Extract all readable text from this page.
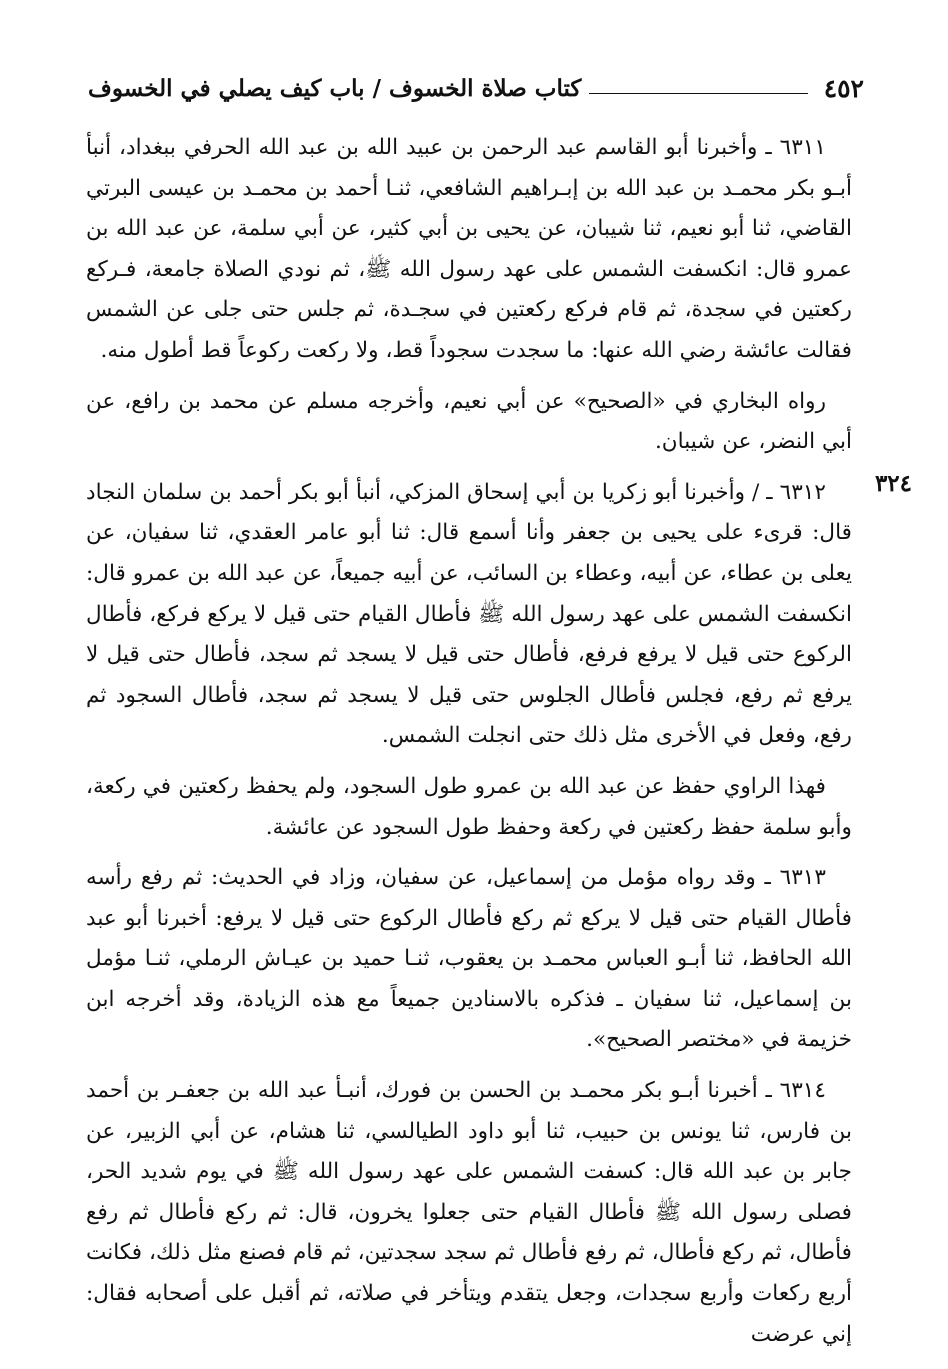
٤٥٢
كتاب صلاة الخسوف / باب كيف يصلي في الخسوف
٣٢٤

٦٣١١ ـ وأخبرنا أبو القاسم عبد الرحمن بن عبيد الله بن عبد الله الحرفي ببغداد، أنبأ أبـو بكر محمـد بن عبد الله بن إبـراهيم الشافعي، ثنـا أحمد بن محمـد بن عيسى البرتي القاضي، ثنا أبو نعيم، ثنا شيبان، عن يحيى بن أبي كثير، عن أبي سلمة، عن عبد الله بن عمرو قال: انكسفت الشمس على عهد رسول الله ﷺ، ثم نودي الصلاة جامعة، فـركع ركعتين في سجدة، ثم قام فركع ركعتين في سجـدة، ثم جلس حتى جلى عن الشمس فقالت عائشة رضي الله عنها: ما سجدت سجوداً قط، ولا ركعت ركوعاً قط أطول منه.

رواه البخاري في «الصحيح» عن أبي نعيم، وأخرجه مسلم عن محمد بن رافع، عن أبي النضر، عن شيبان.

٦٣١٢ ـ / وأخبرنا أبو زكريا بن أبي إسحاق المزكي، أنبأ أبو بكر أحمد بن سلمان النجاد قال: قرىء على يحيى بن جعفر وأنا أسمع قال: ثنا أبو عامر العقدي، ثنا سفيان، عن يعلى بن عطاء، عن أبيه، وعطاء بن السائب، عن أبيه جميعاً، عن عبد الله بن عمرو قال: انكسفت الشمس على عهد رسول الله ﷺ فأطال القيام حتى قيل لا يركع فركع، فأطال الركوع حتى قيل لا يرفع فرفع، فأطال حتى قيل لا يسجد ثم سجد، فأطال حتى قيل لا يرفع ثم رفع، فجلس فأطال الجلوس حتى قيل لا يسجد ثم سجد، فأطال السجود ثم رفع، وفعل في الأخرى مثل ذلك حتى انجلت الشمس.

فهذا الراوي حفظ عن عبد الله بن عمرو طول السجود، ولم يحفظ ركعتين في ركعة، وأبو سلمة حفظ ركعتين في ركعة وحفظ طول السجود عن عائشة.

٦٣١٣ ـ وقد رواه مؤمل من إسماعيل، عن سفيان، وزاد في الحديث: ثم رفع رأسه فأطال القيام حتى قيل لا يركع ثم ركع فأطال الركوع حتى قيل لا يرفع: أخبرنا أبو عبد الله الحافظ، ثنا أبـو العباس محمـد بن يعقوب، ثنـا حميد بن عيـاش الرملي، ثنـا مؤمل بن إسماعيل، ثنا سفيان ـ فذكره بالاسنادين جميعاً مع هذه الزيادة، وقد أخرجه ابن خزيمة في «مختصر الصحيح».

٦٣١٤ ـ أخبرنا أبـو بكر محمـد بن الحسن بن فورك، أنبـأ عبد الله بن جعفـر بن أحمد بن فارس، ثنا يونس بن حبيب، ثنا أبو داود الطيالسي، ثنا هشام، عن أبي الزبير، عن جابر بن عبد الله قال: كسفت الشمس على عهد رسول الله ﷺ في يوم شديد الحر، فصلى رسول الله ﷺ فأطال القيام حتى جعلوا يخرون، قال: ثم ركع فأطال ثم رفع فأطال، ثم ركع فأطال، ثم رفع فأطال ثم سجد سجدتين، ثم قام فصنع مثل ذلك، فكانت أربع ركعات وأربع سجدات، وجعل يتقدم ويتأخر في صلاته، ثم أقبل على أصحابه فقال: إني عرضت
